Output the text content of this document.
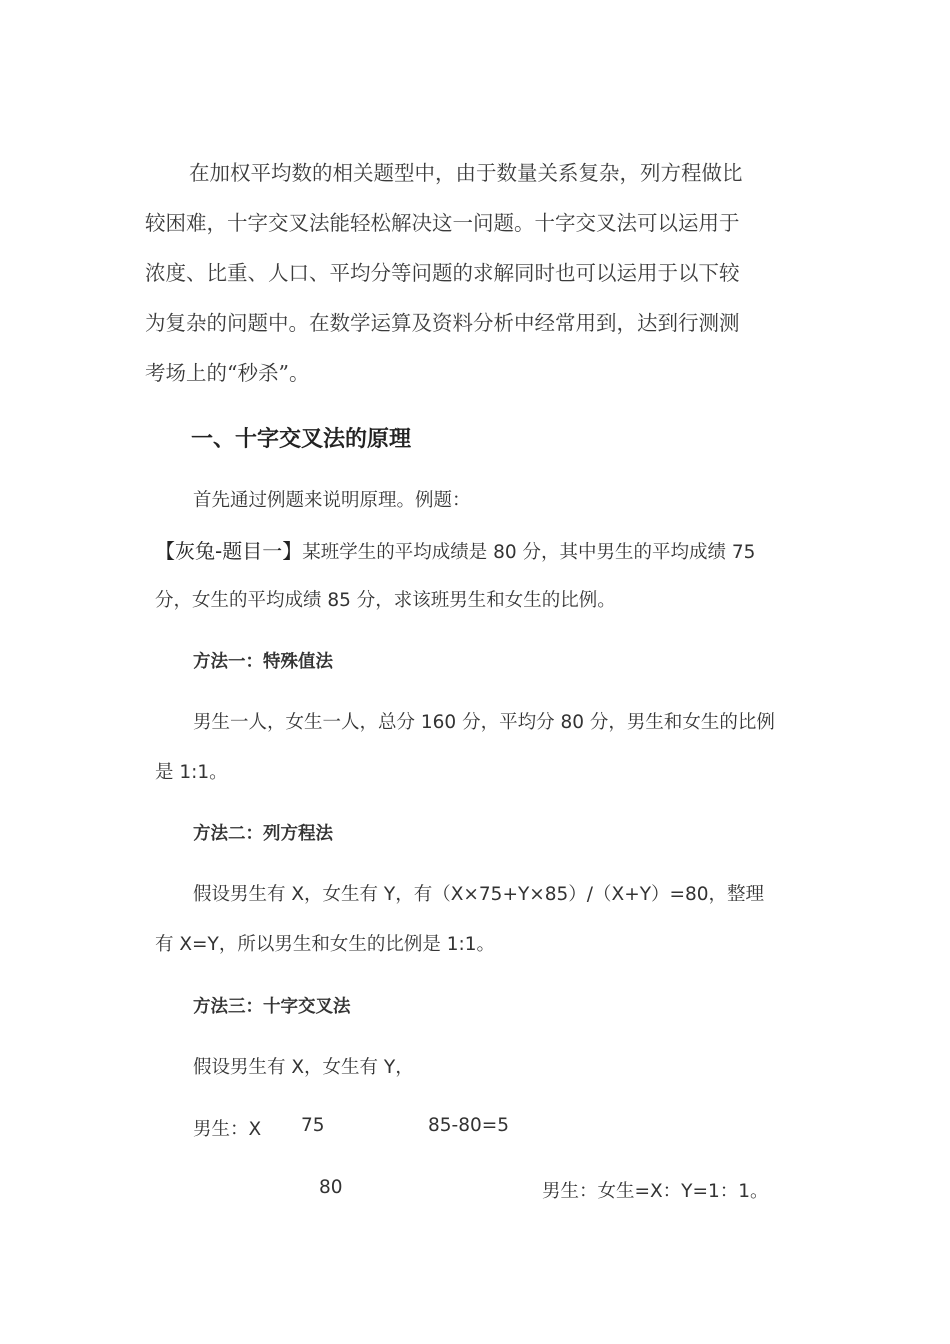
在加权平均数的相关题型中，由于数量关系复杂，列方程做比
较困难，十字交叉法能轻松解决这一问题。十字交叉法可以运用于
浓度、比重、人口、平均分等问题的求解同时也可以运用于以下较
为复杂的问题中。在数学运算及资料分析中经常用到，达到行测测
考场上的“秒杀”。
一、十字交叉法的原理
首先通过例题来说明原理。例题：
【灰兔-题目一】某班学生的平均成绩是 80 分，其中男生的平均成绩 75
分，女生的平均成绩 85 分，求该班男生和女生的比例。
方法一：特殊值法
男生一人，女生一人，总分 160 分，平均分 80 分，男生和女生的比例
是 1:1。
方法二：列方程法
假设男生有 X，女生有 Y，有（X×75+Y×85）/（X+Y）=80，整理
有 X=Y，所以男生和女生的比例是 1:1。
方法三：十字交叉法
假设男生有 X，女生有 Y，
男生：X 75	85-80=5
80	男生：女生=X：Y=1：1。
